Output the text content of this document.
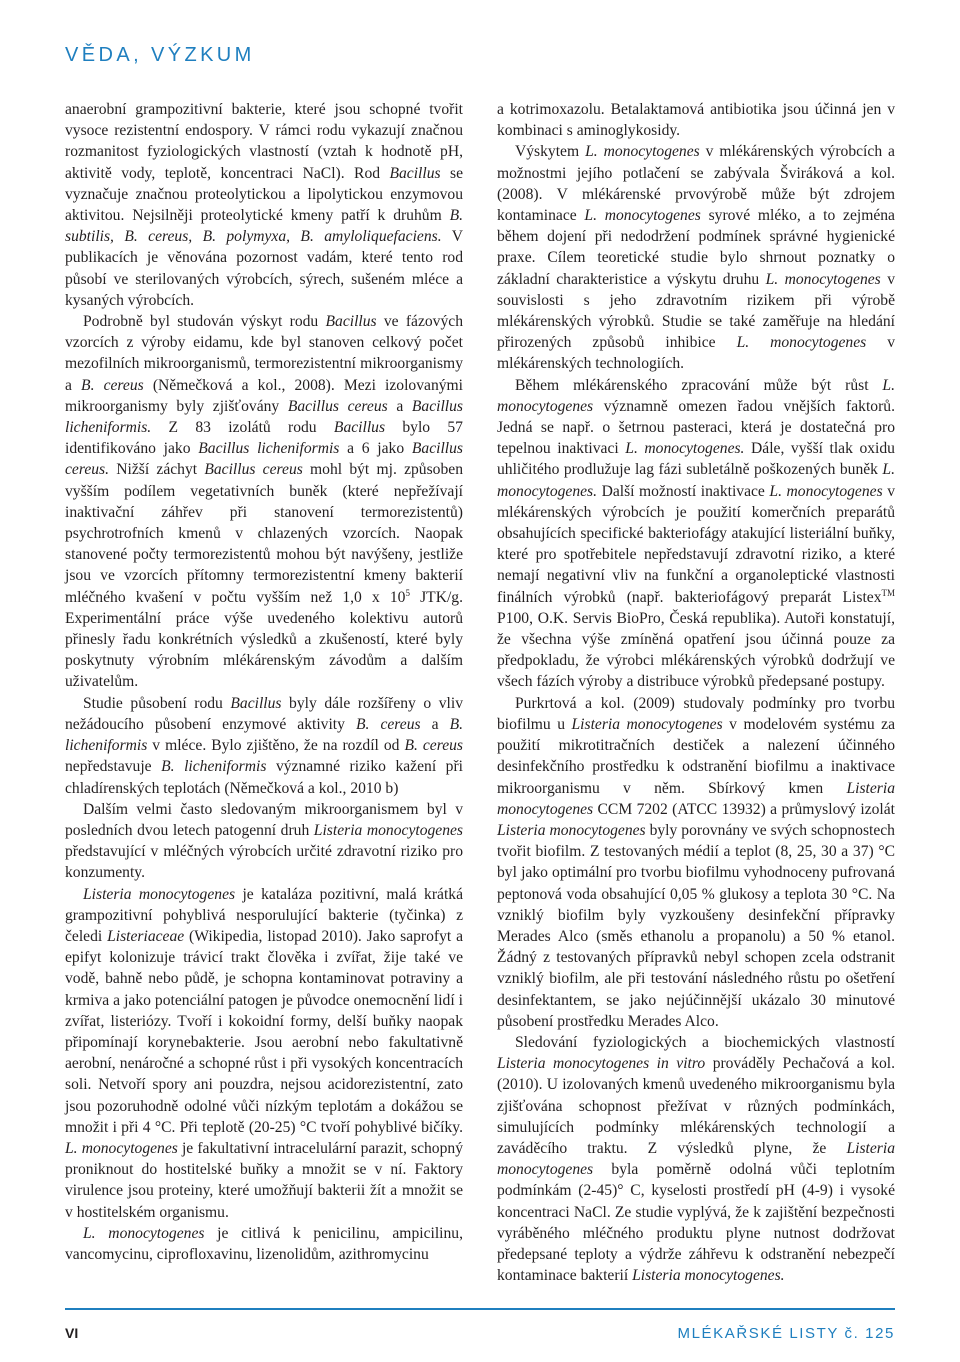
VĚDA, VÝZKUM

anaerobní grampozitivní bakterie, které jsou schopné tvořit vysoce rezistentní endospory. V rámci rodu vykazují značnou rozmanitost fyziologických vlastností (vztah k hodnotě pH, aktivitě vody, teplotě, koncentraci NaCl). Rod Bacillus se vyznačuje značnou proteolytickou a lipolytickou enzymovou aktivitou. Nejsilněji proteolytické kmeny patří k druhům B. subtilis, B. cereus, B. polymyxa, B. amyloliquefaciens. V publikacích je věnována pozornost vadám, které tento rod působí ve sterilovaných výrobcích, sýrech, sušeném mléce a kysaných výrobcích.

Podrobně byl studován výskyt rodu Bacillus ve fázových vzorcích z výroby eidamu, kde byl stanoven celkový počet mezofilních mikroorganismů, termorezistentní mikroorganismy a B. cereus (Němečková a kol., 2008). Mezi izolovanými mikroorganismy byly zjišťovány Bacillus cereus a Bacillus licheniformis. Z 83 izolátů rodu Bacillus bylo 57 identifikováno jako Bacillus licheniformis a 6 jako Bacillus cereus. Nižší záchyt Bacillus cereus mohl být mj. způsoben vyšším podílem vegetativních buněk (které nepřežívají inaktivační záhřev při stanovení termorezistentů) psychrotrofních kmenů v chlazených vzorcích. Naopak stanovené počty termorezistentů mohou být navýšeny, jestliže jsou ve vzorcích přítomny termorezistentní kmeny bakterií mléčného kvašení v počtu vyšším než 1,0 x $10^5$ JTK/g. Experimentální práce výše uvedeného kolektivu autorů přinesly řadu konkrétních výsledků a zkušeností, které byly poskytnuty výrobním mlékárenským závodům a dalším uživatelům.

Studie působení rodu Bacillus byly dále rozšířeny o vliv nežádoucího působení enzymové aktivity B. cereus a B. licheniformis v mléce. Bylo zjištěno, že na rozdíl od B. cereus nepředstavuje B. licheniformis významné riziko kažení při chladírenských teplotách (Němečková a kol., 2010 b)

Dalším velmi často sledovaným mikroorganismem byl v posledních dvou letech patogenní druh Listeria monocytogenes představující v mléčných výrobcích určité zdravotní riziko pro konzumenty.

Listeria monocytogenes je kataláza pozitivní, malá krátká grampozitivní pohyblivá nesporulující bakterie (tyčinka) z čeledi Listeriaceae (Wikipedia, listopad 2010). Jako saprofyt a epifyt kolonizuje trávicí trakt člověka i zvířat, žije také ve vodě, bahně nebo půdě, je schopna kontaminovat potraviny a krmiva a jako potenciální patogen je původce onemocnění lidí i zvířat, listeriózy. Tvoří i kokoidní formy, delší buňky naopak připomínají korynebakterie. Jsou aerobní nebo fakultativně aerobní, nenáročné a schopné růst i při vysokých koncentracích soli. Netvoří spory ani pouzdra, nejsou acidorezistentní, zato jsou pozoruhodně odolné vůči nízkým teplotám a dokážou se množit i při 4 °C. Při teplotě (20-25) °C tvoří pohyblivé bičíky. L. monocytogenes je fakultativní intracelulární parazit, schopný proniknout do hostitelské buňky a množit se v ní. Faktory virulence jsou proteiny, které umožňují bakterii žít a množit se v hostitelském organismu.

L. monocytogenes je citlivá k penicilinu, ampicilinu, vancomycinu, ciprofloxavinu, lizenolidům, azithromycinu

a kotrimoxazolu. Betalaktamová antibiotika jsou účinná jen v kombinaci s aminoglykosidy.

Výskytem L. monocytogenes v mlékárenských výrobcích a možnostmi jejího potlačení se zabývala Šviráková a kol. (2008). V mlékárenské prvovýrobě může být zdrojem kontaminace L. monocytogenes syrové mléko, a to zejména během dojení při nedodržení podmínek správné hygienické praxe. Cílem teoretické studie bylo shrnout poznatky o základní charakteristice a výskytu druhu L. monocytogenes v souvislosti s jeho zdravotním rizikem při výrobě mlékárenských výrobků. Studie se také zaměřuje na hledání přirozených způsobů inhibice L. monocytogenes v mlékárenských technologiích.

Během mlékárenského zpracování může být růst L. monocytogenes významně omezen řadou vnějších faktorů. Jedná se např. o šetrnou pasteraci, která je dostatečná pro tepelnou inaktivaci L. monocytogenes. Dále, vyšší tlak oxidu uhličitého prodlužuje lag fázi subletálně poškozených buněk L. monocytogenes. Další možností inaktivace L. monocytogenes v mlékárenských výrobcích je použití komerčních preparátů obsahujících specifické bakteriofágy atakující listeriální buňky, které pro spotřebitele nepředstavují zdravotní riziko, a které nemají negativní vliv na funkční a organoleptické vlastnosti finálních výrobků (např. bakteriofágový preparát Listex™ P100, O.K. Servis BioPro, Česká republika). Autoři konstatují, že všechna výše zmíněná opatření jsou účinná pouze za předpokladu, že výrobci mlékárenských výrobků dodržují ve všech fázích výroby a distribuce výrobků předepsané postupy.

Purkrtová a kol. (2009) studovaly podmínky pro tvorbu biofilmu u Listeria monocytogenes v modelovém systému za použití mikrotitračních destiček a nalezení účinného desinfekčního prostředku k odstranění biofilmu a inaktivace mikroorganismu v něm. Sbírkový kmen Listeria monocytogenes CCM 7202 (ATCC 13932) a průmyslový izolát Listeria monocytogenes byly porovnány ve svých schopnostech tvořit biofilm. Z testovaných médií a teplot (8, 25, 30 a 37) °C byl jako optimální pro tvorbu biofilmu vyhodnoceny pufrovaná peptonová voda obsahující 0,05 % glukosy a teplota 30 °C. Na vzniklý biofilm byly vyzkoušeny desinfekční přípravky Merades Alco (směs ethanolu a propanolu) a 50 % etanol. Žádný z testovaných přípravků nebyl schopen zcela odstranit vzniklý biofilm, ale při testování následného růstu po ošetření desinfektantem, se jako nejúčinnější ukázalo 30 minutové působení prostředku Merades Alco.

Sledování fyziologických a biochemických vlastností Listeria monocytogenes in vitro prováděly Pechačová a kol. (2010). U izolovaných kmenů uvedeného mikroorganismu byla zjišťována schopnost přežívat v různých podmínkách, simulujících podmínky mlékárenských technologií a zaváděcího traktu. Z výsledků plyne, že Listeria monocytogenes byla poměrně odolná vůči teplotním podmínkám (2-45)° C, kyselosti prostředí pH (4-9) i vysoké koncentraci NaCl. Ze studie vyplývá, že k zajištění bezpečnosti vyráběného mléčného produktu plyne nutnost dodržovat předepsané teploty a výdrže záhřevu k odstranění nebezpečí kontaminace bakterií Listeria monocytogenes.

VI	MLÉKAŘSKÉ LISTY č. 125
